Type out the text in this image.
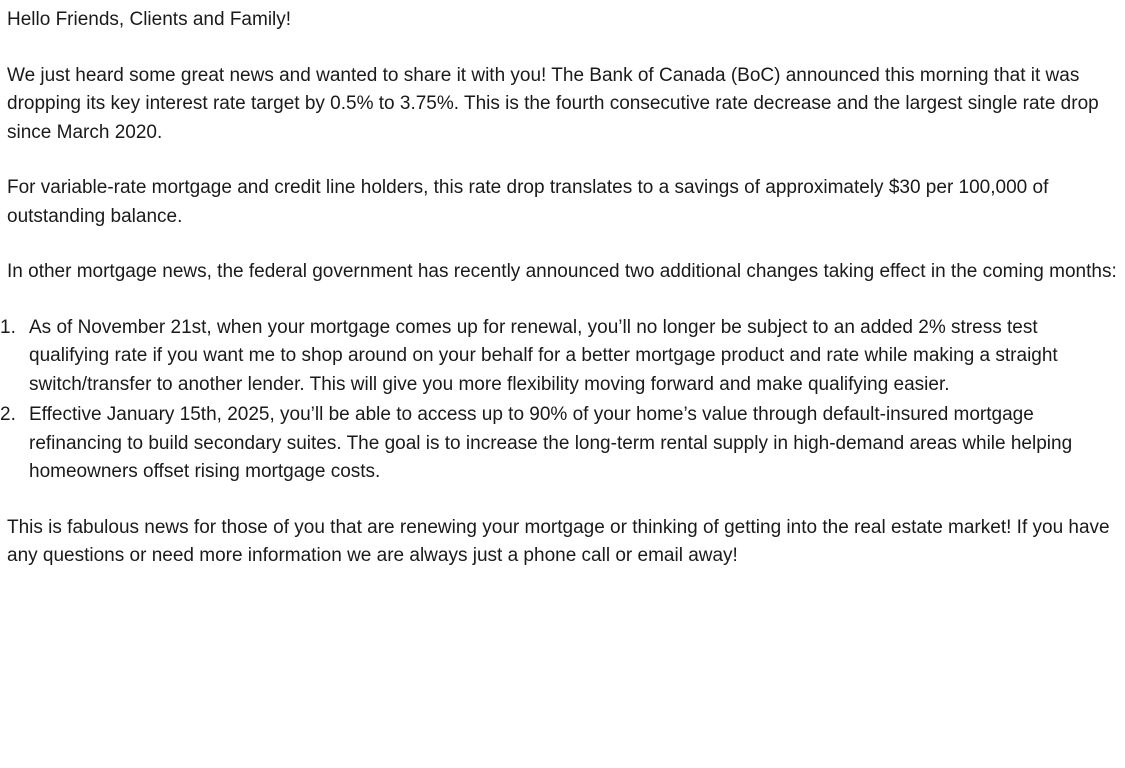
Hello Friends, Clients and Family!

We just heard some great news and wanted to share it with you! The Bank of Canada (BoC) announced this morning that it was dropping its key interest rate target by 0.5% to 3.75%. This is the fourth consecutive rate decrease and the largest single rate drop since March 2020.

For variable-rate mortgage and credit line holders, this rate drop translates to a savings of approximately $30 per 100,000 of outstanding balance.

In other mortgage news, the federal government has recently announced two additional changes taking effect in the coming months:

1. As of November 21st, when your mortgage comes up for renewal, you’ll no longer be subject to an added 2% stress test qualifying rate if you want me to shop around on your behalf for a better mortgage product and rate while making a straight switch/transfer to another lender. This will give you more flexibility moving forward and make qualifying easier.
2. Effective January 15th, 2025, you’ll be able to access up to 90% of your home’s value through default-insured mortgage refinancing to build secondary suites. The goal is to increase the long-term rental supply in high-demand areas while helping homeowners offset rising mortgage costs.

This is fabulous news for those of you that are renewing your mortgage or thinking of getting into the real estate market! If you have any questions or need more information we are always just a phone call or email away!
